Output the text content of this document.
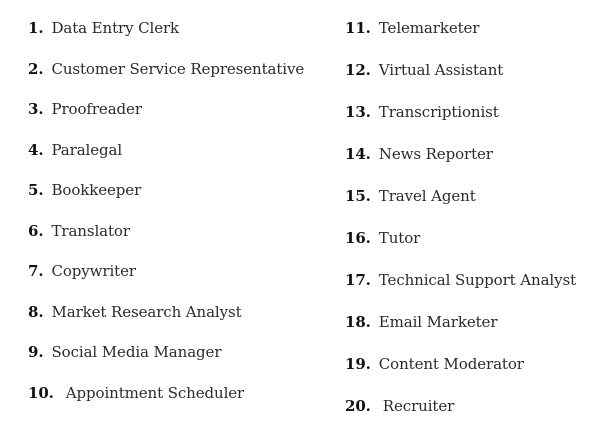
1. Data Entry Clerk
2. Customer Service Representative
3. Proofreader
4. Paralegal
5. Bookkeeper
6. Translator
7. Copywriter
8. Market Research Analyst
9. Social Media Manager
10. Appointment Scheduler
11. Telemarketer
12. Virtual Assistant
13. Transcriptionist
14. News Reporter
15. Travel Agent
16. Tutor
17. Technical Support Analyst
18. Email Marketer
19. Content Moderator
20. Recruiter
